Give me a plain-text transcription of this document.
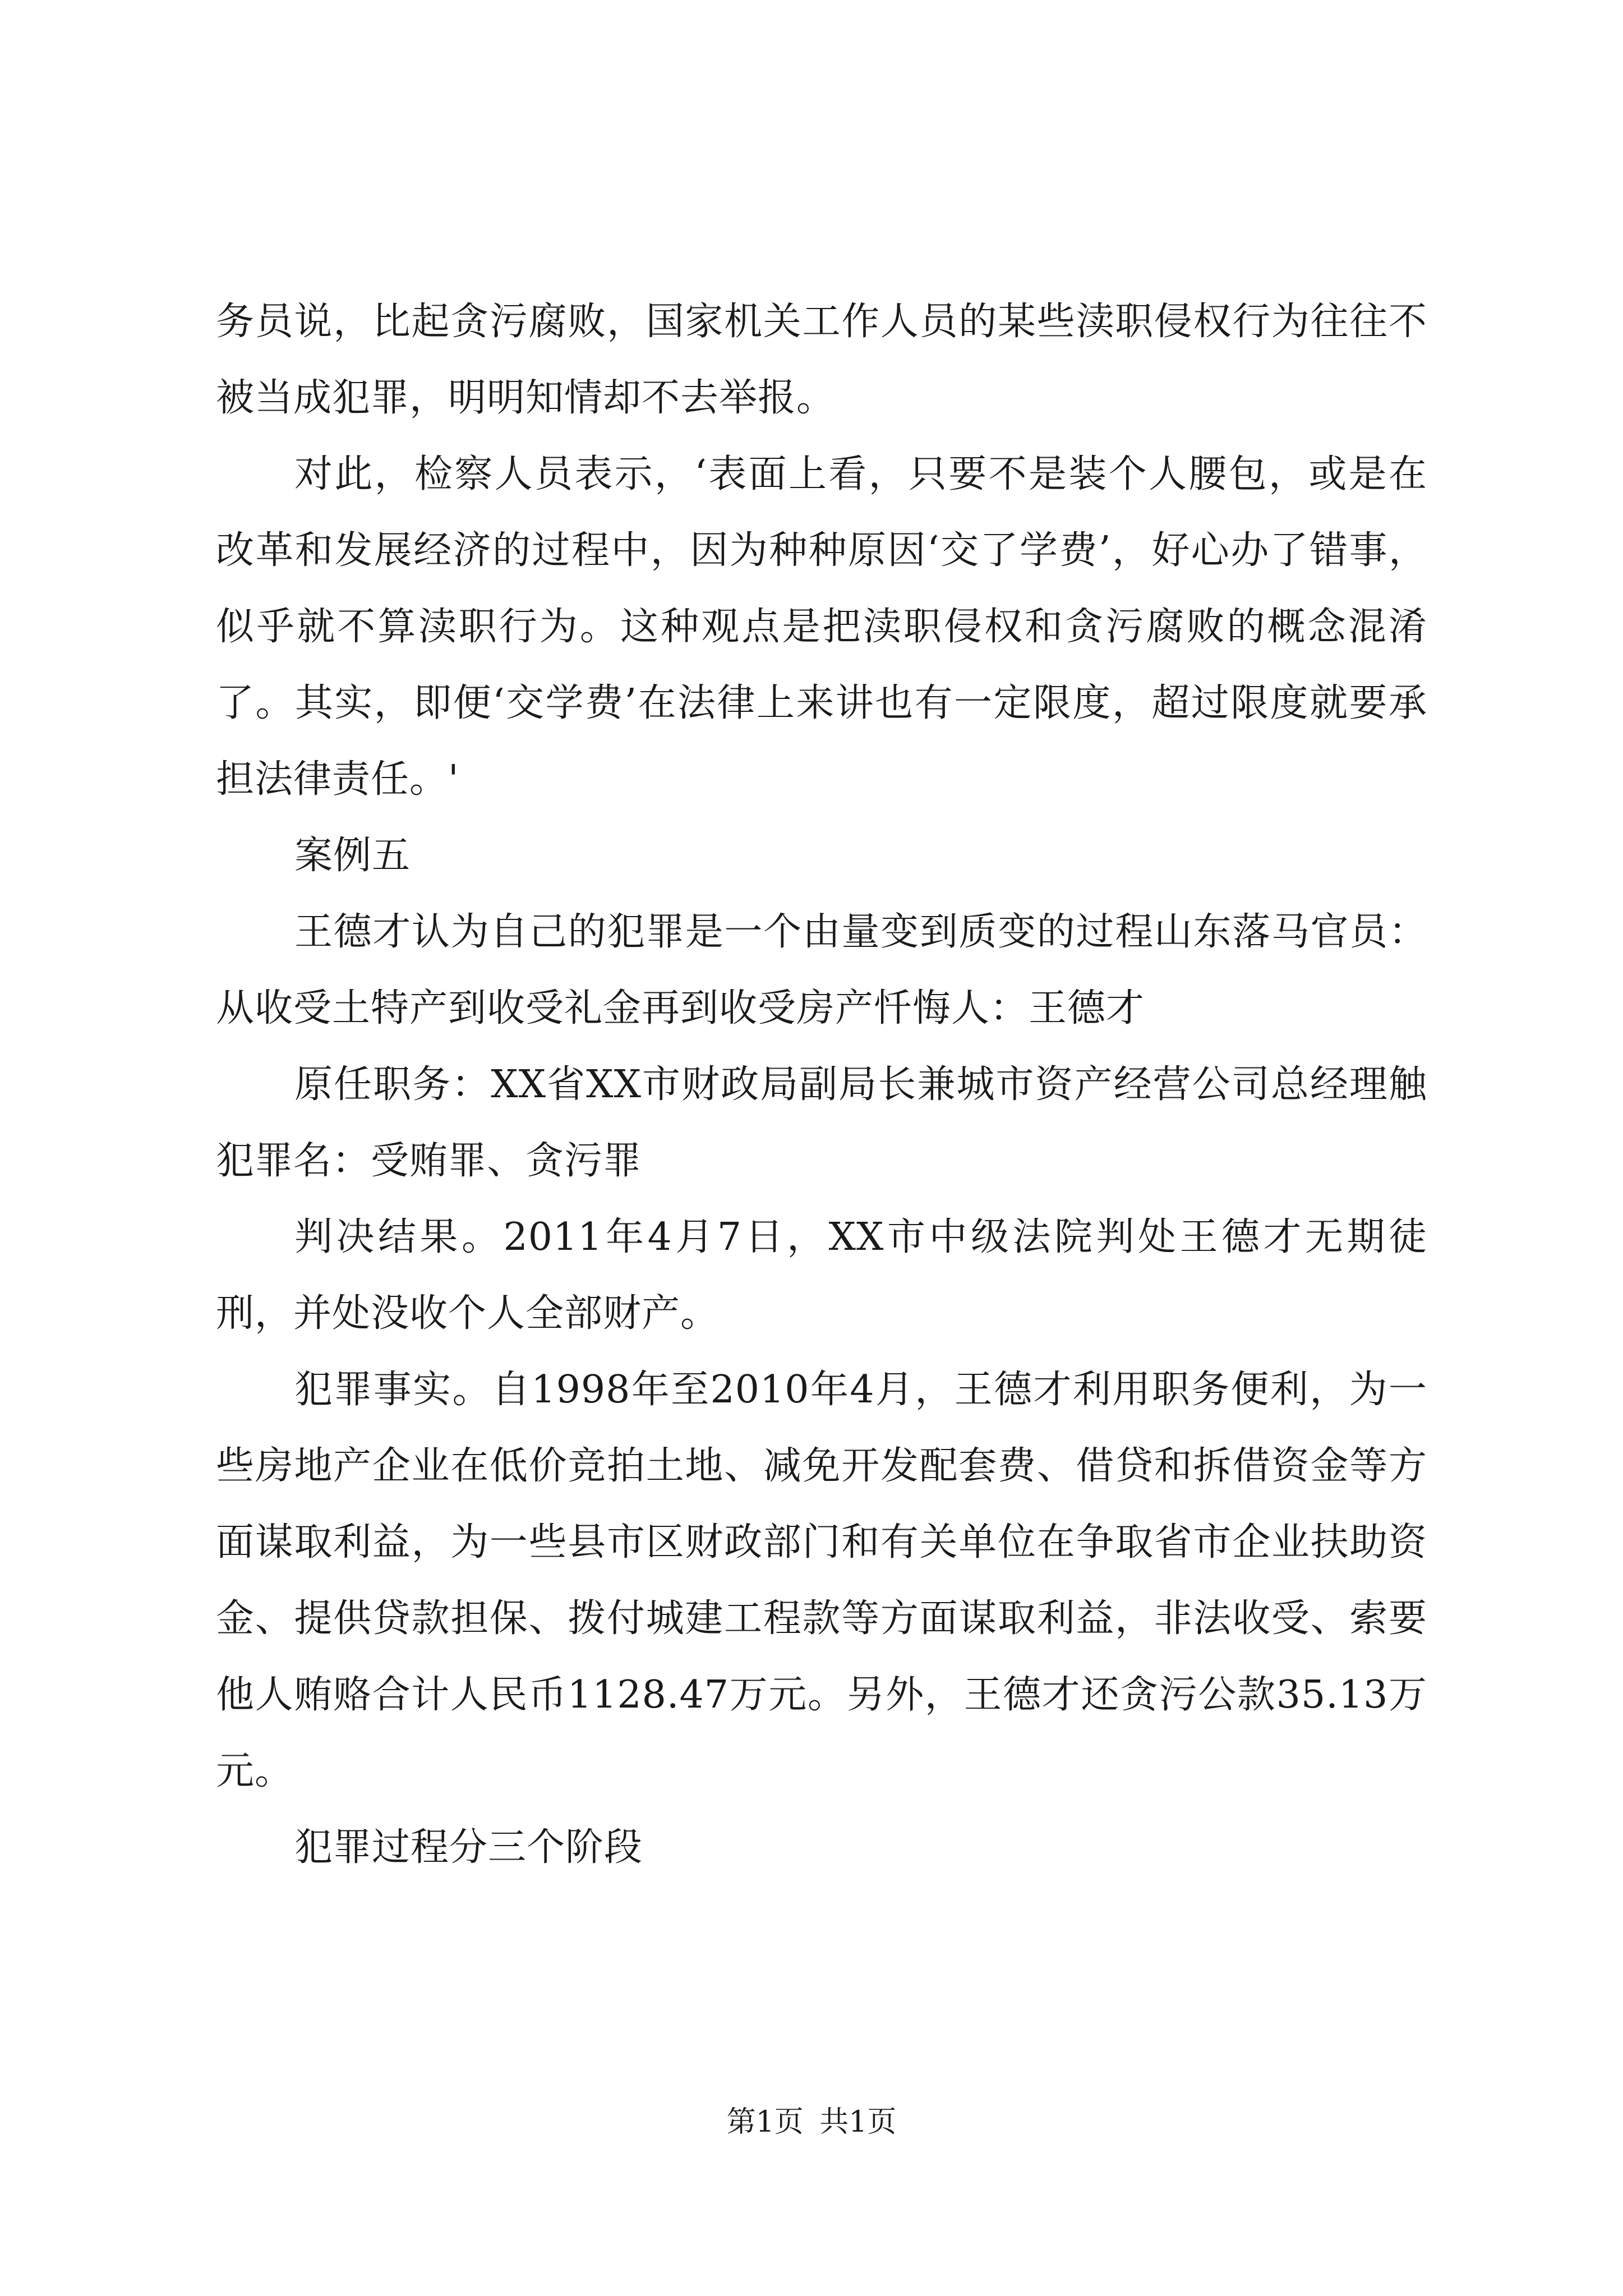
务员说，比起贪污腐败，国家机关工作人员的某些渎职侵权行为往往不被当成犯罪，明明知情却不去举报。

对此，检察人员表示，‘表面上看，只要不是装个人腰包，或是在改革和发展经济的过程中，因为种种原因‘交了学费’，好心办了错事，似乎就不算渎职行为。这种观点是把渎职侵权和贪污腐败的概念混淆了。其实，即便‘交学费’在法律上来讲也有一定限度，超过限度就要承担法律责任。'

案例五

王德才认为自己的犯罪是一个由量变到质变的过程山东落马官员：从收受土特产到收受礼金再到收受房产忏悔人：王德才

原任职务：XX省XX市财政局副局长兼城市资产经营公司总经理触犯罪名：受贿罪、贪污罪

判决结果。2011年4月7日，XX市中级法院判处王德才无期徒刑，并处没收个人全部财产。

犯罪事实。自1998年至2010年4月，王德才利用职务便利，为一些房地产企业在低价竞拍土地、减免开发配套费、借贷和拆借资金等方面谋取利益，为一些县市区财政部门和有关单位在争取省市企业扶助资金、提供贷款担保、拨付城建工程款等方面谋取利益，非法收受、索要他人贿赂合计人民币1128.47万元。另外，王德才还贪污公款35.13万元。

犯罪过程分三个阶段

第1页 共1页
